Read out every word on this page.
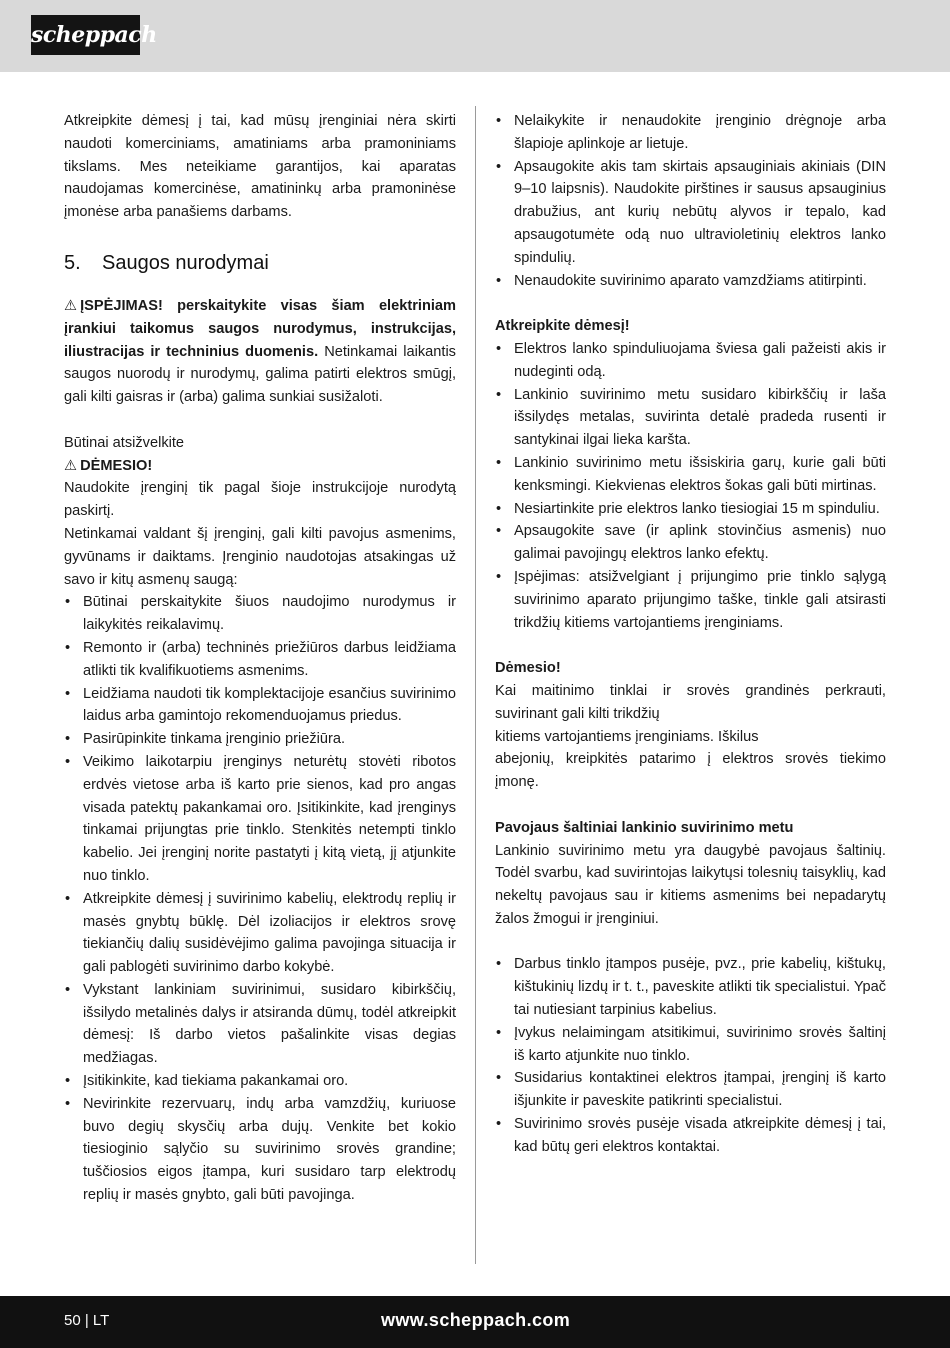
scheppach

Atkreipkite dėmesį į tai, kad mūsų įrenginiai nėra skirti naudoti komerciniams, amatiniams arba pramoniniams tikslams. Mes neteikiame garantijos, kai aparatas naudojamas komercinėse, amatininkų arba pramoninėse įmonėse arba panašiems darbams.

5. Saugos nurodymai

⚠ ĮSPĖJIMAS! perskaitykite visas šiam elektriniam įrankiui taikomus saugos nurodymus, instrukcijas, iliustracijas ir techninius duomenis. Netinkamai laikantis saugos nuorodų ir nurodymų, galima patirti elektros smūgį, gali kilti gaisras ir (arba) galima sunkiai susižaloti.

Būtinai atsižvelkite

⚠ DĖMESIO!

Naudokite įrenginį tik pagal šioje instrukcijoje nurodytą paskirtį.

Netinkamai valdant šį įrenginį, gali kilti pavojus asmenims, gyvūnams ir daiktams. Įrenginio naudotojas atsakingas už savo ir kitų asmenų saugą:

• Būtinai perskaitykite šiuos naudojimo nurodymus ir laikykitės reikalavimų.
• Remonto ir (arba) techninės priežiūros darbus leidžiama atlikti tik kvalifikuotiems asmenims.
• Leidžiama naudoti tik komplektacijoje esančius suvirinimo laidus arba gamintojo rekomenduojamus priedus.
• Pasirūpinkite tinkama įrenginio priežiūra.
• Veikimo laikotarpiu įrenginys neturėtų stovėti ribotos erdvės vietose arba iš karto prie sienos, kad pro angas visada patektų pakankamai oro. Įsitikinkite, kad įrenginys tinkamai prijungtas prie tinklo. Stenkitės netempti tinklo kabelio. Jei įrenginį norite pastatyti į kitą vietą, jį atjunkite nuo tinklo.
• Atkreipkite dėmesį į suvirinimo kabelių, elektrodų replių ir masės gnybtų būklę. Dėl izoliacijos ir elektros srovę tiekiančių dalių susidėvėjimo galima pavojinga situacija ir gali pablogėti suvirinimo darbo kokybė.
• Vykstant lankiniam suvirinimui, susidaro kibirkščių, išsilydo metalinės dalys ir atsiranda dūmų, todėl atkreipkit dėmesį: Iš darbo vietos pašalinkite visas degias medžiagas.
• Įsitikinkite, kad tiekiama pakankamai oro.
• Nevirinkite rezervuarų, indų arba vamzdžių, kuriuose buvo degių skysčių arba dujų. Venkite bet kokio tiesioginio sąlyčio su suvirinimo srovės grandine; tuščiosios eigos įtampa, kuri susidaro tarp elektrodų replių ir masės gnybto, gali būti pavojinga.
• Nelaikykite ir nenaudokite įrenginio drėgnoje arba šlapioje aplinkoje ar lietuje.
• Apsaugokite akis tam skirtais apsauginiais akiniais (DIN 9–10 laipsnis). Naudokite pirštines ir sausus apsauginius drabužius, ant kurių nebūtų alyvos ir tepalo, kad apsaugotumėte odą nuo ultravioletinių elektros lanko spindulių.
• Nenaudokite suvirinimo aparato vamzdžiams atitirpinti.

Atkreipkite dėmesį!

• Elektros lanko spinduliuojama šviesa gali pažeisti akis ir nudeginti odą.
• Lankinio suvirinimo metu susidaro kibirkščių ir lašа išsilydęs metalas, suvirinta detalė pradeda rusenti ir santykinai ilgai lieka karšta.
• Lankinio suvirinimo metu išsiskiria garų, kurie gali būti kenksmingi. Kiekvienas elektros šokas gali būti mirtinas.
• Nesiartinkite prie elektros lanko tiesiogiai 15 m spinduliu.
• Apsaugokite save (ir aplink stovinčius asmenis) nuo galimai pavojingų elektros lanko efektų.
• Įspėjimas: atsižvelgiant į prijungimo prie tinklo sąlygą suvirinimo aparato prijungimo taške, tinkle gali atsirasti trikdžių kitiems vartojantiems įrenginiams.

Dėmesio!

Kai maitinimo tinklai ir srovės grandinės perkrauti,

suvirinant gali kilti trikdžių

kitiems vartojantiems įrenginiams. Iškilus

abejonių, kreipkitės patarimo į elektros srovės tiekimo įmonę.

Pavojaus šaltiniai lankinio suvirinimo metu

Lankinio suvirinimo metu yra daugybė pavojaus šaltinių. Todėl svarbu, kad suvirintojas laikytųsi tolesnių taisyklių, kad nekeltų pavojaus sau ir kitiems asmenims bei nepadarytų žalos žmogui ir įrenginiui.

• Darbus tinklo įtampos pusėje, pvz., prie kabelių, kištukų, kištukinių lizdų ir t. t., paveskite atlikti tik specialistui. Ypač tai nutiesiant tarpinius kabelius.
• Įvykus nelaimingam atsitikimui, suvirinimo srovės šaltinį iš karto atjunkite nuo tinklo.
• Susidarius kontaktinei elektros įtampai, įrenginį iš karto išjunkite ir paveskite patikrinti specialistui.
• Suvirinimo srovės pusėje visada atkreipkite dėmesį į tai, kad būtų geri elektros kontaktai.
50 | LT	www.scheppach.com
